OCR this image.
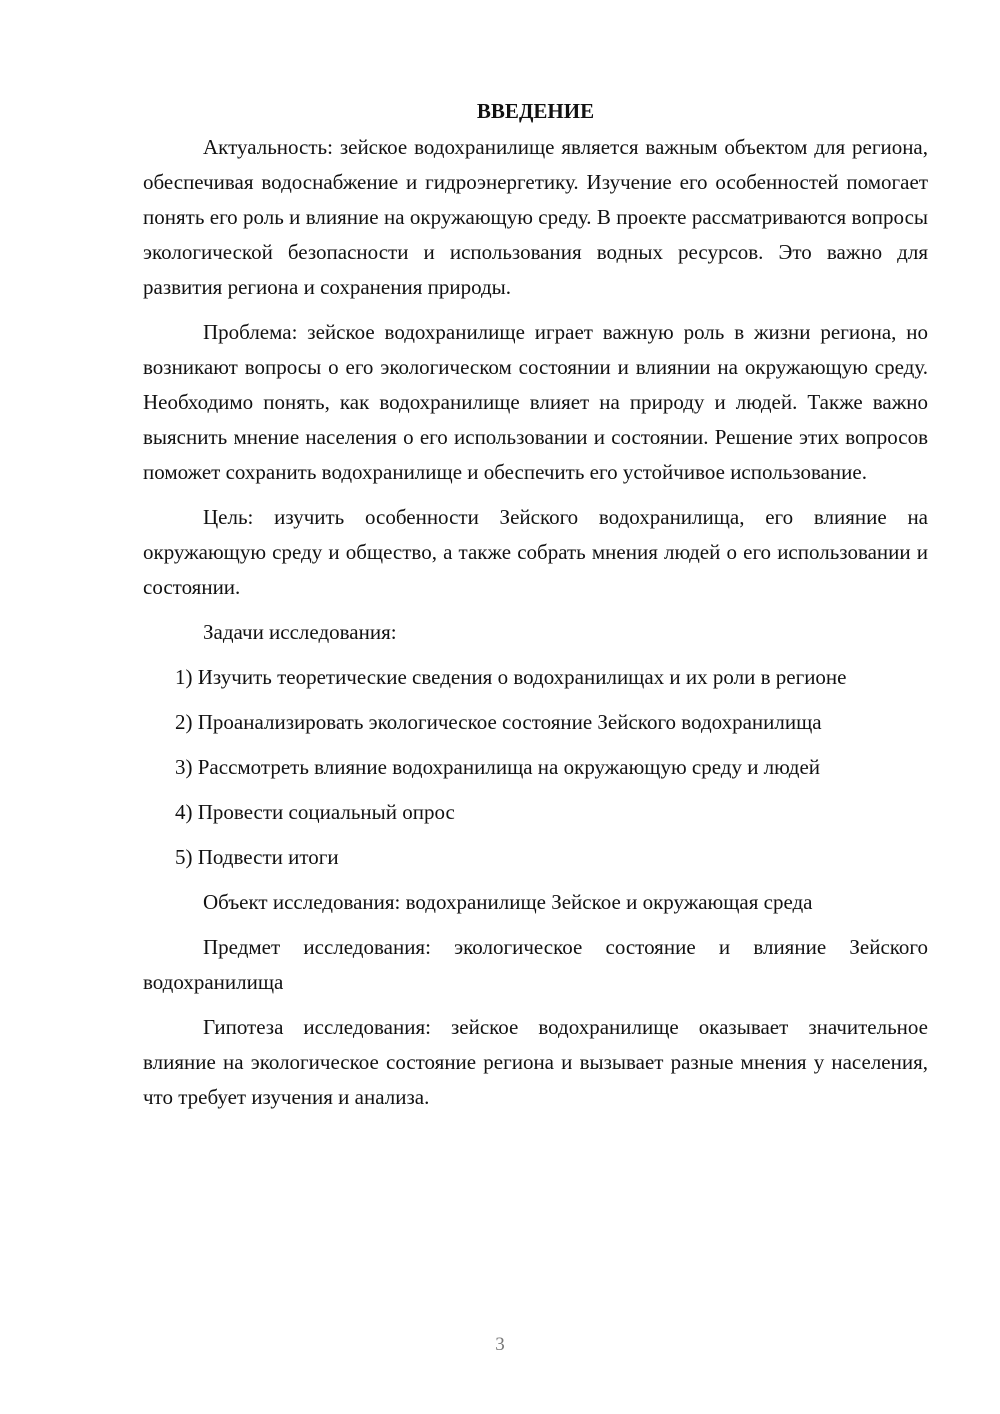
ВВЕДЕНИЕ

Актуальность: зейское водохранилище является важным объектом для региона, обеспечивая водоснабжение и гидроэнергетику. Изучение его особенностей помогает понять его роль и влияние на окружающую среду. В проекте рассматриваются вопросы экологической безопасности и использования водных ресурсов. Это важно для развития региона и сохранения природы.

Проблема: зейское водохранилище играет важную роль в жизни региона, но возникают вопросы о его экологическом состоянии и влиянии на окружающую среду. Необходимо понять, как водохранилище влияет на природу и людей. Также важно выяснить мнение населения о его использовании и состоянии. Решение этих вопросов поможет сохранить водохранилище и обеспечить его устойчивое использование.

Цель: изучить особенности Зейского водохранилища, его влияние на окружающую среду и общество, а также собрать мнения людей о его использовании и состоянии.

Задачи исследования:

1) Изучить теоретические сведения о водохранилищах и их роли в регионе

2) Проанализировать экологическое состояние Зейского водохранилища

3) Рассмотреть влияние водохранилища на окружающую среду и людей

4) Провести социальный опрос

5) Подвести итоги

Объект исследования: водохранилище Зейское и окружающая среда

Предмет исследования: экологическое состояние и влияние Зейского водохранилища

Гипотеза исследования: зейское водохранилище оказывает значительное влияние на экологическое состояние региона и вызывает разные мнения у населения, что требует изучения и анализа.

3
